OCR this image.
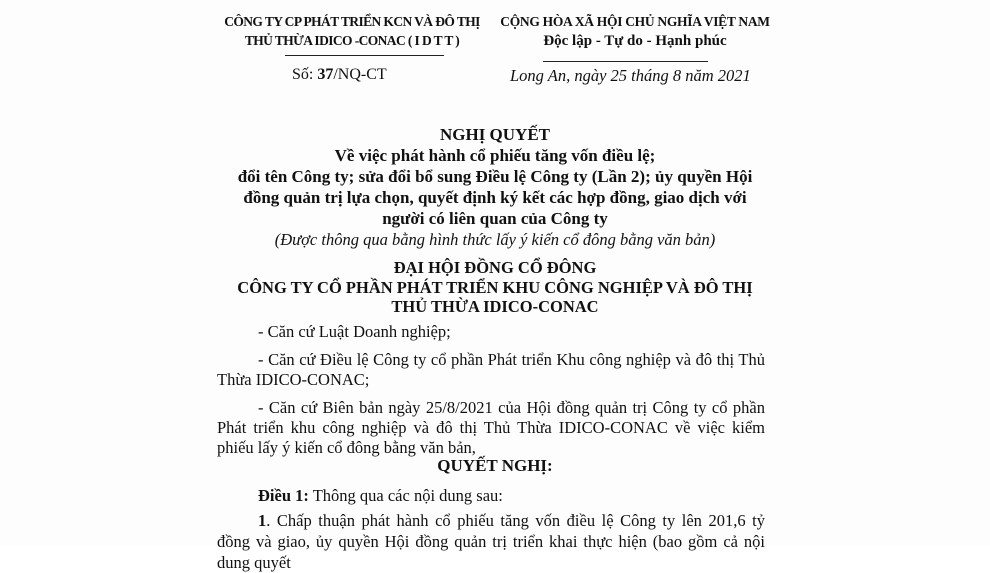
CÔNG TY CP PHÁT TRIỂN KCN VÀ ĐÔ THỊ
THỦ THỪA IDICO -CONAC ( I D T T )
Số: 37/NQ-CT
CỘNG HÒA XÃ HỘI CHỦ NGHĨA VIỆT NAM
Độc lập - Tự do - Hạnh phúc
Long An, ngày 25 tháng 8 năm 2021
NGHỊ QUYẾT
Về việc phát hành cổ phiếu tăng vốn điều lệ;
đổi tên Công ty; sửa đổi bổ sung Điều lệ Công ty (Lần 2); ủy quyền Hội
đồng quản trị lựa chọn, quyết định ký kết các hợp đồng, giao dịch với
người có liên quan của Công ty
(Được thông qua bằng hình thức lấy ý kiến cổ đông bằng văn bản)
ĐẠI HỘI ĐỒNG CỔ ĐÔNG
CÔNG TY CỔ PHẦN PHÁT TRIỂN KHU CÔNG NGHIỆP VÀ ĐÔ THỊ
THỦ THỪA IDICO-CONAC
- Căn cứ Luật Doanh nghiệp;
- Căn cứ Điều lệ Công ty cổ phần Phát triển Khu công nghiệp và đô thị Thủ Thừa IDICO-CONAC;
- Căn cứ Biên bản ngày 25/8/2021 của Hội đồng quản trị Công ty cổ phần Phát triển khu công nghiệp và đô thị Thủ Thừa IDICO-CONAC về việc kiểm phiếu lấy ý kiến cổ đông bằng văn bản,
QUYẾT NGHỊ:
Điều 1: Thông qua các nội dung sau:
1. Chấp thuận phát hành cổ phiếu tăng vốn điều lệ Công ty lên 201,6 tỷ đồng và giao, ủy quyền Hội đồng quản trị triển khai thực hiện (bao gồm cả nội dung quyết
